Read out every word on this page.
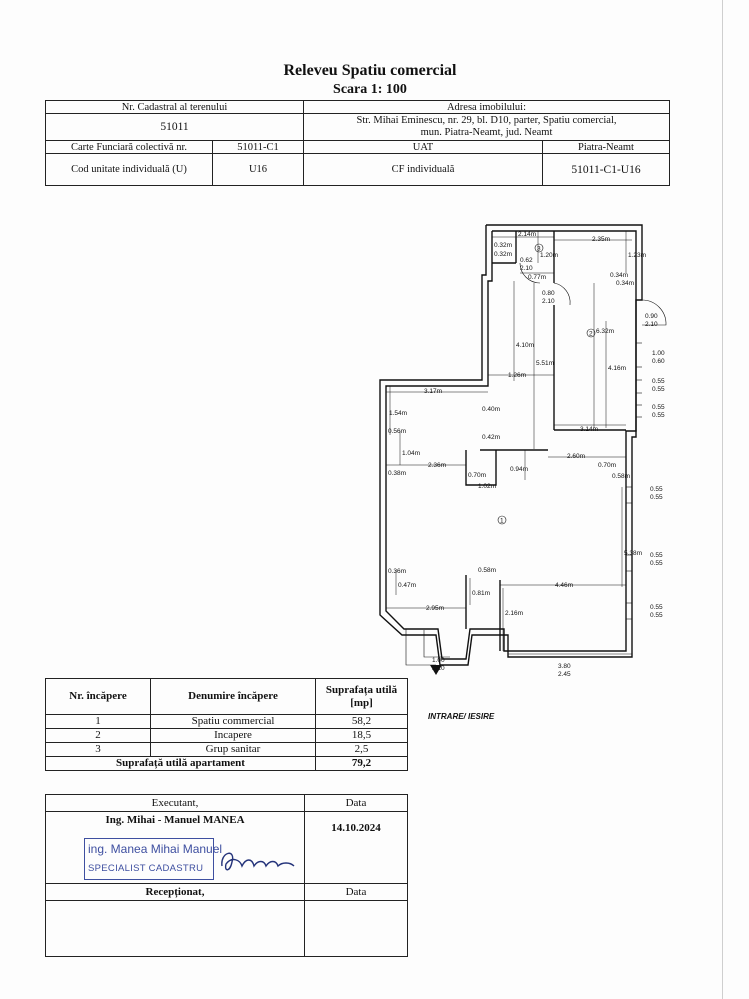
Releveu Spatiu comercial
Scara 1: 100
Nr. Cadastral al terenului		Adresa imobilului:	
51011		Str. Mihai Eminescu, nr. 29, bl. D10, parter, Spatiu comercial,
mun. Piatra-Neamt, jud. Neamt	

Carte Funciară colectivă nr.	51011-C1	UAT	Piatra-Neamt
Cod unitate individuală (U)	U16	CF individuală	51011-C1-U16
3
2
1
2.14m
2.35m
0.32m
0.32m	1.20m	1.23m
0.62
2.10
0.77m	0.34m
0.34m
0.80
2.10
0.90
2.10
4.10m
6.32m
5.51m
1.26m
4.16m
1.00
0.60
0.55
0.55
0.55
0.55
3.17m
0.40m
1.54m
3.14m
0.56m
0.42m
1.04m	2.60m
0.70m
2.36m
0.94m
0.38m	0.58m
0.70m
1.02m	0.55
0.55
0.55
0.55
5.38m
0.36m	0.58m
0.47m	4.46m
0.81m
0.55
0.55
2.95m
2.16m
1.00
2.10	3.80
2.45
INTRARE/ IESIRE
Nr. încăpere	Denumire încăpere	Suprafața utilă [mp]
1	Spatiu commercial	58,2
2	Incapere	18,5
3	Grup sanitar	2,5
Suprafață utilă apartament		79,2
Executant,	Data
Ing. Mihai - Manuel MANEA	14.10.2024
Recepționat,	Data

ing. Manea Mihai Manuel
SPECIALIST CADASTRU
